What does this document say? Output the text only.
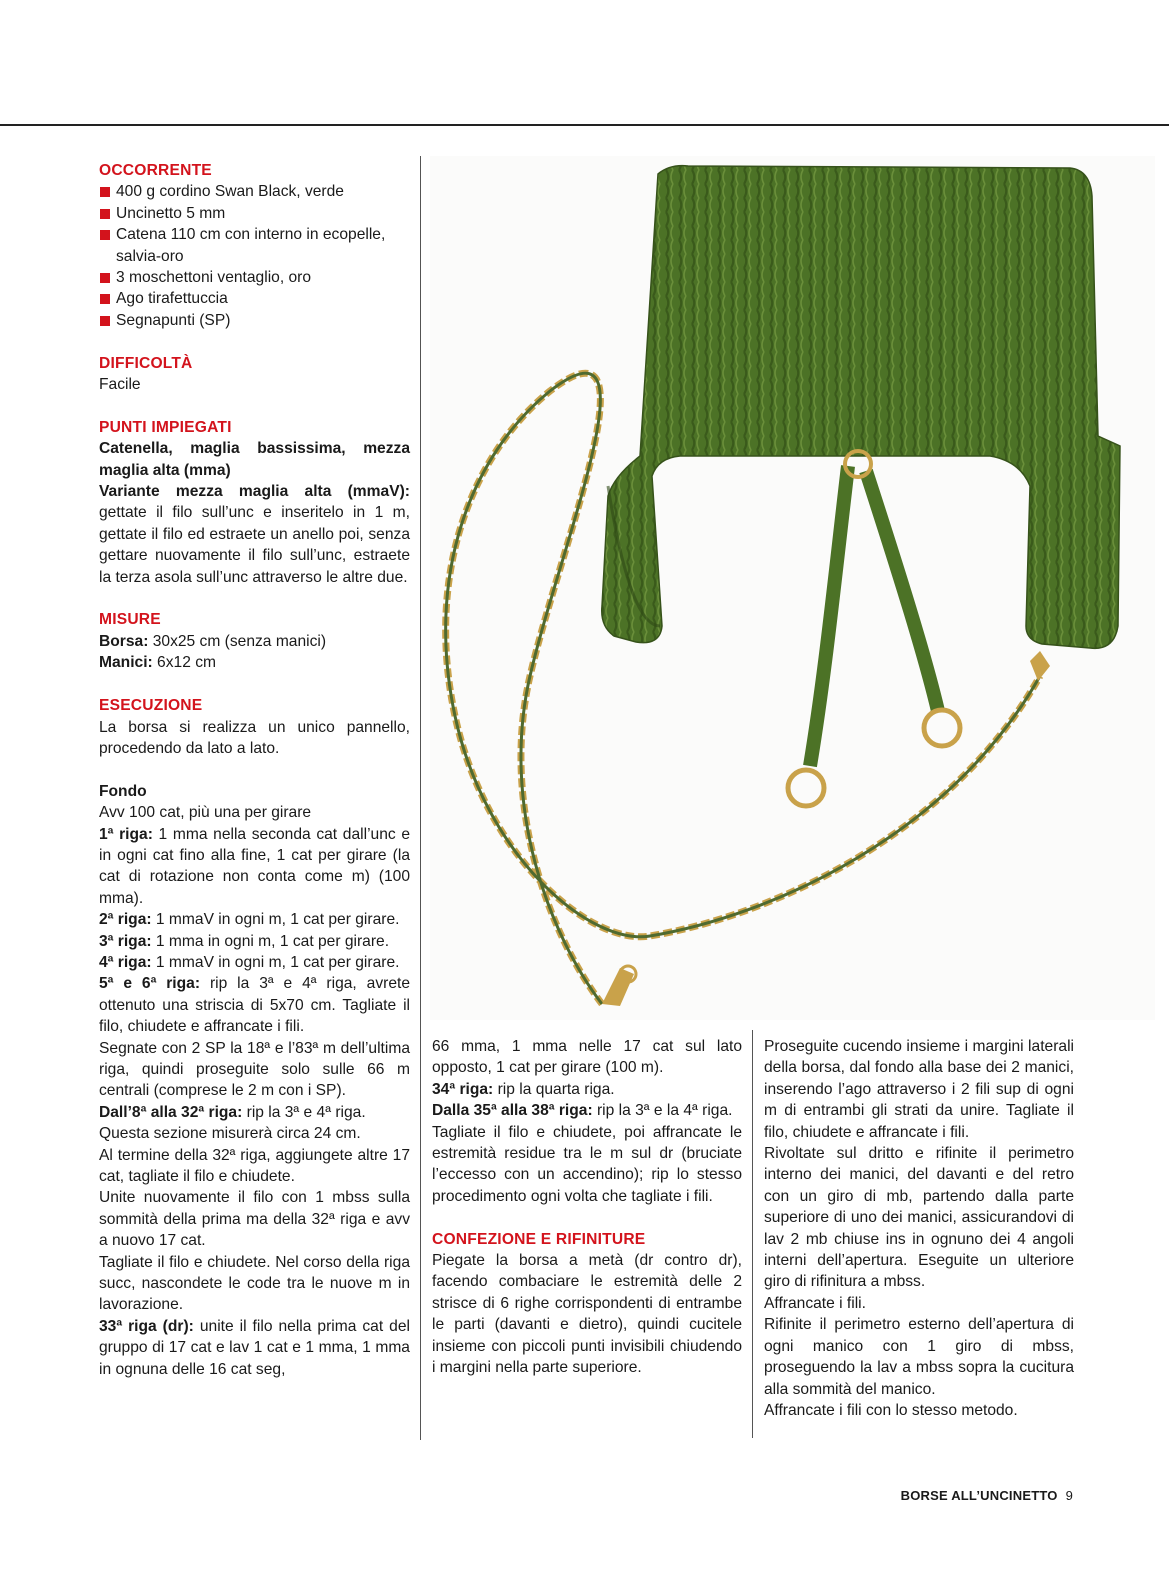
OCCORRENTE
400 g cordino Swan Black, verde
Uncinetto 5 mm
Catena 110 cm con interno in ecopelle, salvia-oro
3 moschettoni ventaglio, oro
Ago tirafettuccia
Segnapunti (SP)
DIFFICOLTÀ

Facile

PUNTI IMPIEGATI

Catenella, maglia bassissima, mezza maglia alta (mma)

Variante mezza maglia alta (mmaV): gettate il filo sull’unc e inseritelo in 1 m, gettate il filo ed estraete un anello poi, senza gettare nuovamente il filo sull’unc, estraete la terza asola sull’unc attraverso le altre due.

MISURE

Borsa: 30x25 cm (senza manici)

Manici: 6x12 cm

ESECUZIONE

La borsa si realizza un unico pannello, procedendo da lato a lato.

Fondo

Avv 100 cat, più una per girare

1ª riga: 1 mma nella seconda cat dall’unc e in ogni cat fino alla fine, 1 cat per girare (la cat di rotazione non conta come m) (100 mma).

2ª riga: 1 mmaV in ogni m, 1 cat per girare.

3ª riga: 1 mma in ogni m, 1 cat per girare.

4ª riga: 1 mmaV in ogni m, 1 cat per girare.

5ª e 6ª riga: rip la 3ª e 4ª riga, avrete ottenuto una striscia di 5x70 cm. Tagliate il filo, chiudete e affrancate i fili.

Segnate con 2 SP la 18ª e l’83ª m dell’ultima riga, quindi proseguite solo sulle 66 m centrali (comprese le 2 m con i SP).

Dall’8ª alla 32ª riga: rip la 3ª e 4ª riga.

Questa sezione misurerà circa 24 cm.

Al termine della 32ª riga, aggiungete altre 17 cat, tagliate il filo e chiudete.

Unite nuovamente il filo con 1 mbss sulla sommità della prima ma della 32ª riga e avv a nuovo 17 cat.

Tagliate il filo e chiudete. Nel corso della riga succ, nascondete le code tra le nuove m in lavorazione.

33ª riga (dr): unite il filo nella prima cat del gruppo di 17 cat e lav 1 cat e 1 mma, 1 mma in ognuna delle 16 cat seg,

66 mma, 1 mma nelle 17 cat sul lato opposto, 1 cat per girare (100 m).

34ª riga: rip la quarta riga.

Dalla 35ª alla 38ª riga: rip la 3ª e la 4ª riga.

Tagliate il filo e chiudete, poi affrancate le estremità residue tra le m sul dr (bruciate l’eccesso con un accendino); rip lo stesso procedimento ogni volta che tagliate i fili.

CONFEZIONE E RIFINITURE

Piegate la borsa a metà (dr contro dr), facendo combaciare le estremità delle 2 strisce di 6 righe corrispondenti di entrambe le parti (davanti e dietro), quindi cucitele insieme con piccoli punti invisibili chiudendo i margini nella parte superiore.

Proseguite cucendo insieme i margini laterali della borsa, dal fondo alla base dei 2 manici, inserendo l’ago attraverso i 2 fili sup di ogni m di entrambi gli strati da unire. Tagliate il filo, chiudete e affrancate i fili.

Rivoltate sul dritto e rifinite il perimetro interno dei manici, del davanti e del retro con un giro di mb, partendo dalla parte superiore di uno dei manici, assicurandovi di lav 2 mb chiuse ins in ognuno dei 4 angoli interni dell’apertura. Eseguite un ulteriore giro di rifinitura a mbss.

Affrancate i fili.

Rifinite il perimetro esterno dell’apertura di ogni manico con 1 giro di mbss, proseguendo la lav a mbss sopra la cucitura alla sommità del manico.

Affrancate i fili con lo stesso metodo.

BORSE ALL’UNCINETTO 9
